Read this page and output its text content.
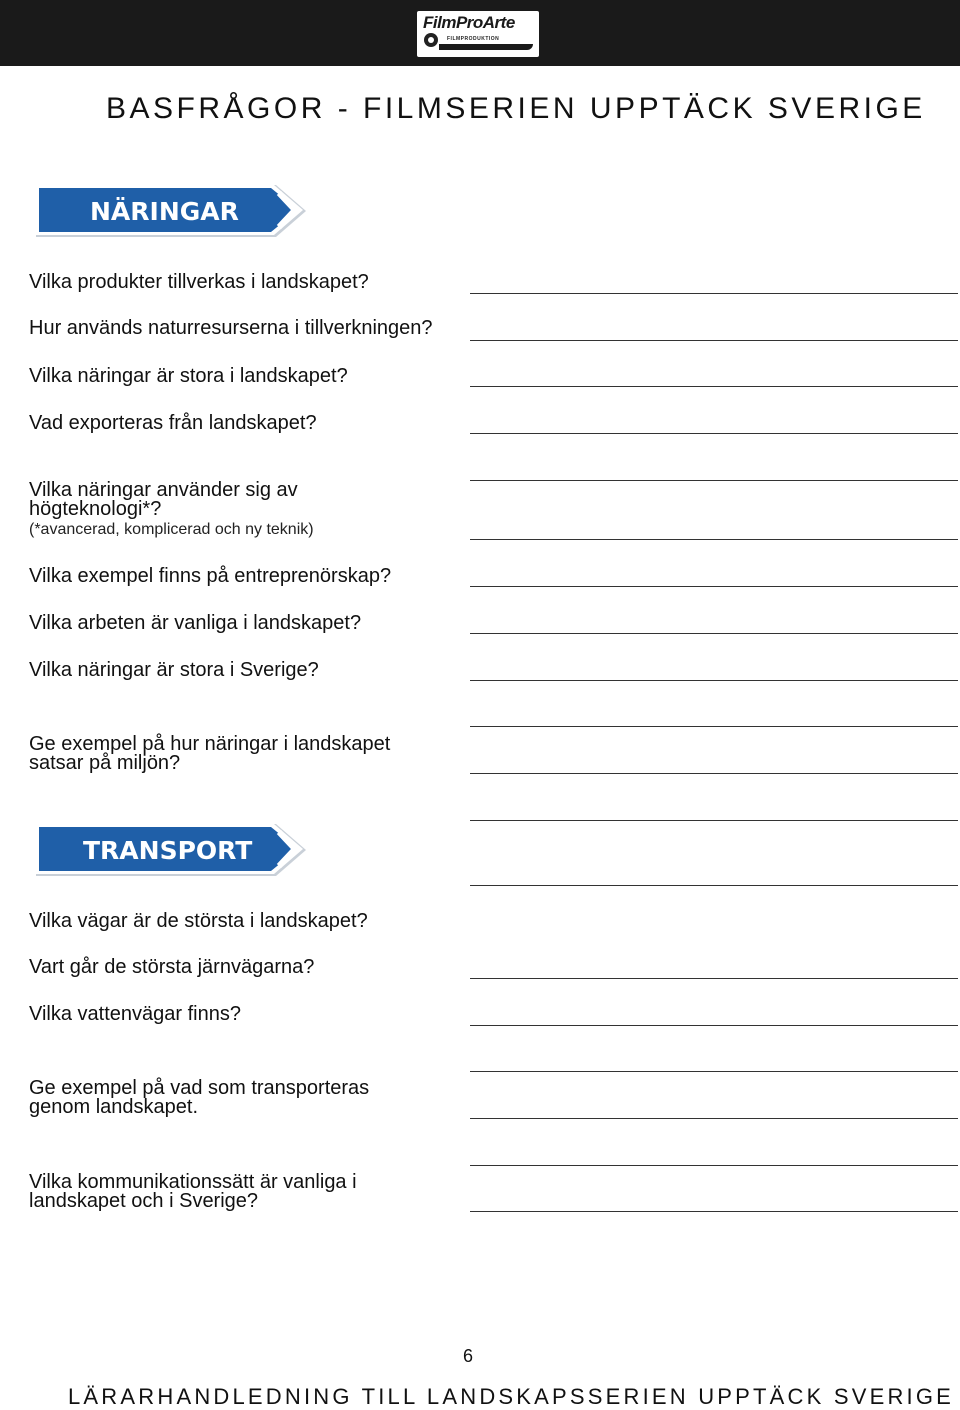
FilmProArte
FILMPRODUKTION
BASFRÅGOR - FILMSERIEN UPPTÄCK SVERIGE
NÄRINGAR
Vilka produkter tillverkas i landskapet?
Hur används naturresurserna i tillverkningen?
Vilka näringar är stora i landskapet?
Vad exporteras från landskapet?
Vilka näringar använder sig av
högteknologi*?
(*avancerad, komplicerad och ny teknik)
Vilka exempel finns på entreprenörskap?
Vilka arbeten är vanliga i landskapet?
Vilka näringar är stora i Sverige?
Ge exempel på hur näringar i landskapet
satsar på miljön?
TRANSPORT
Vilka vägar är de största i landskapet?
Vart går de största järnvägarna?
Vilka vattenvägar finns?
Ge exempel på vad som transporteras
genom landskapet.
Vilka kommunikationssätt är vanliga i
landskapet och i Sverige?
6
LÄRARHANDLEDNING TILL LANDSKAPSSERIEN UPPTÄCK SVERIGE
